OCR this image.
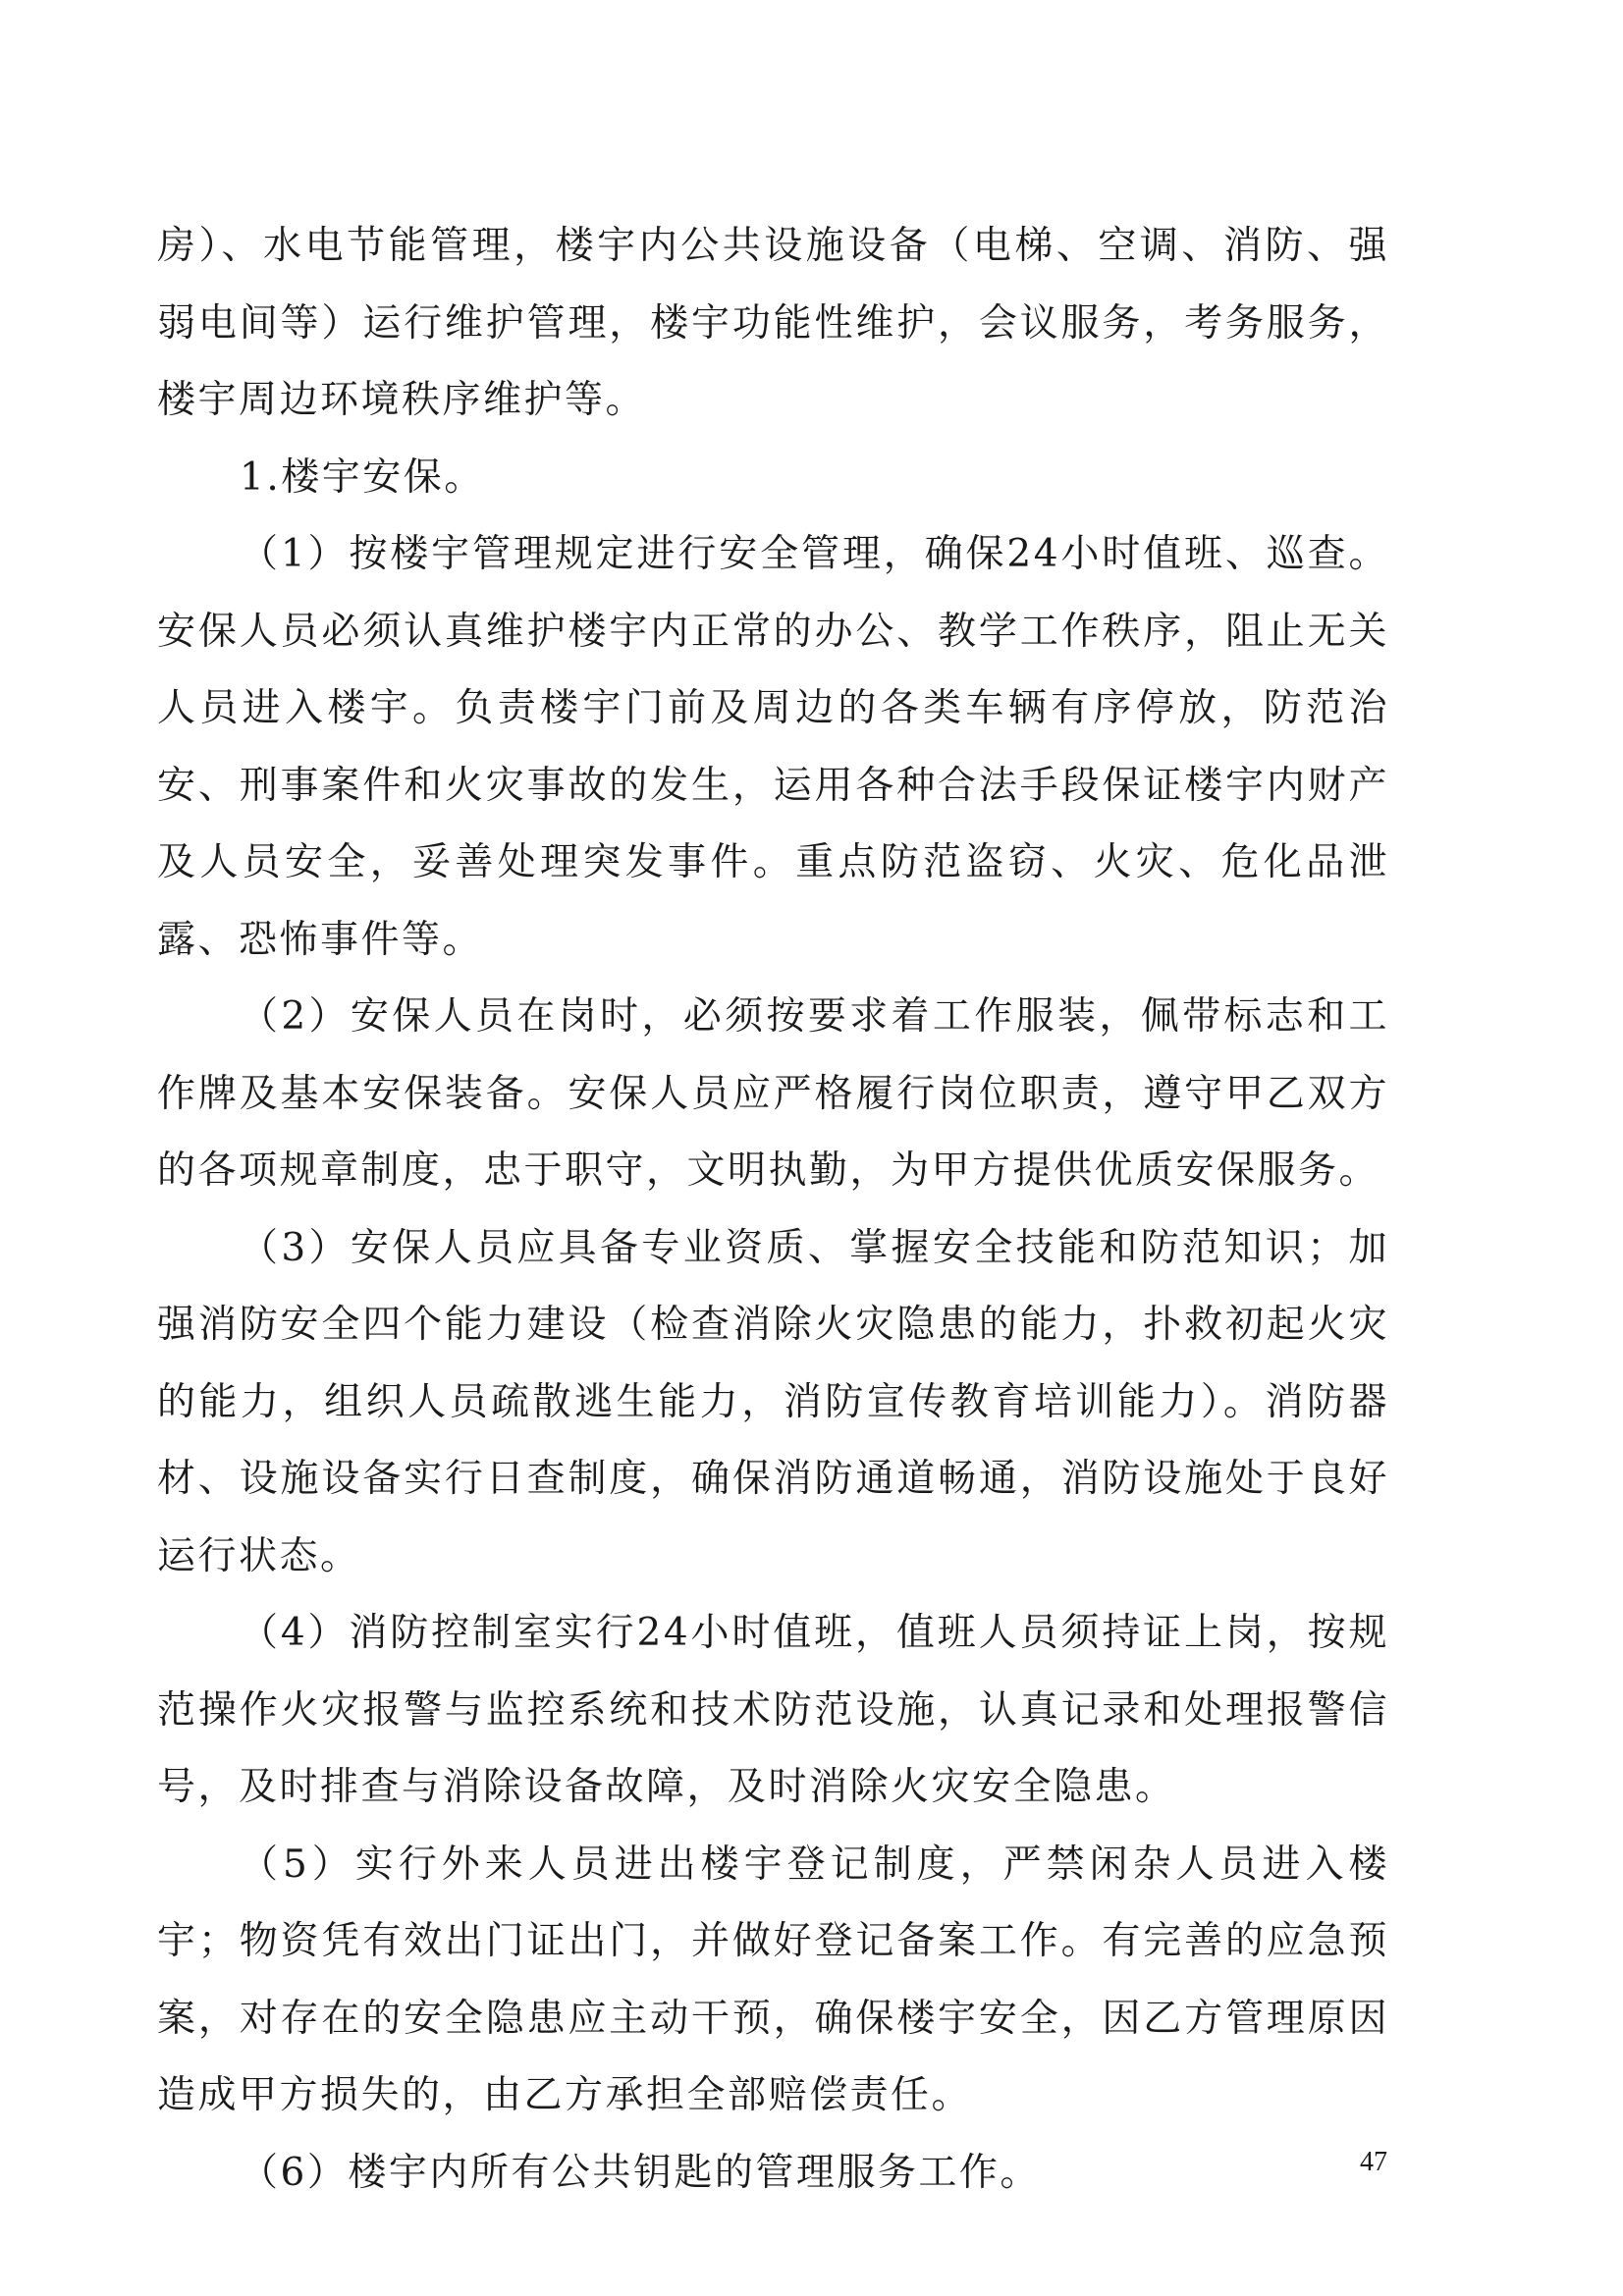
房）、水电节能管理，楼宇内公共设施设备（电梯、空调、消防、强弱电间等）运行维护管理，楼宇功能性维护，会议服务，考务服务，楼宇周边环境秩序维护等。

1.楼宇安保。

（1）按楼宇管理规定进行安全管理，确保24小时值班、巡查。安保人员必须认真维护楼宇内正常的办公、教学工作秩序，阻止无关人员进入楼宇。负责楼宇门前及周边的各类车辆有序停放，防范治安、刑事案件和火灾事故的发生，运用各种合法手段保证楼宇内财产及人员安全，妥善处理突发事件。重点防范盗窃、火灾、危化品泄露、恐怖事件等。

（2）安保人员在岗时，必须按要求着工作服装，佩带标志和工作牌及基本安保装备。安保人员应严格履行岗位职责，遵守甲乙双方的各项规章制度，忠于职守，文明执勤，为甲方提供优质安保服务。

（3）安保人员应具备专业资质、掌握安全技能和防范知识；加强消防安全四个能力建设（检查消除火灾隐患的能力，扑救初起火灾的能力，组织人员疏散逃生能力，消防宣传教育培训能力）。消防器材、设施设备实行日查制度，确保消防通道畅通，消防设施处于良好运行状态。

（4）消防控制室实行24小时值班，值班人员须持证上岗，按规范操作火灾报警与监控系统和技术防范设施，认真记录和处理报警信号，及时排查与消除设备故障，及时消除火灾安全隐患。

（5）实行外来人员进出楼宇登记制度，严禁闲杂人员进入楼宇；物资凭有效出门证出门，并做好登记备案工作。有完善的应急预案，对存在的安全隐患应主动干预，确保楼宇安全，因乙方管理原因造成甲方损失的，由乙方承担全部赔偿责任。

（6）楼宇内所有公共钥匙的管理服务工作。	47
